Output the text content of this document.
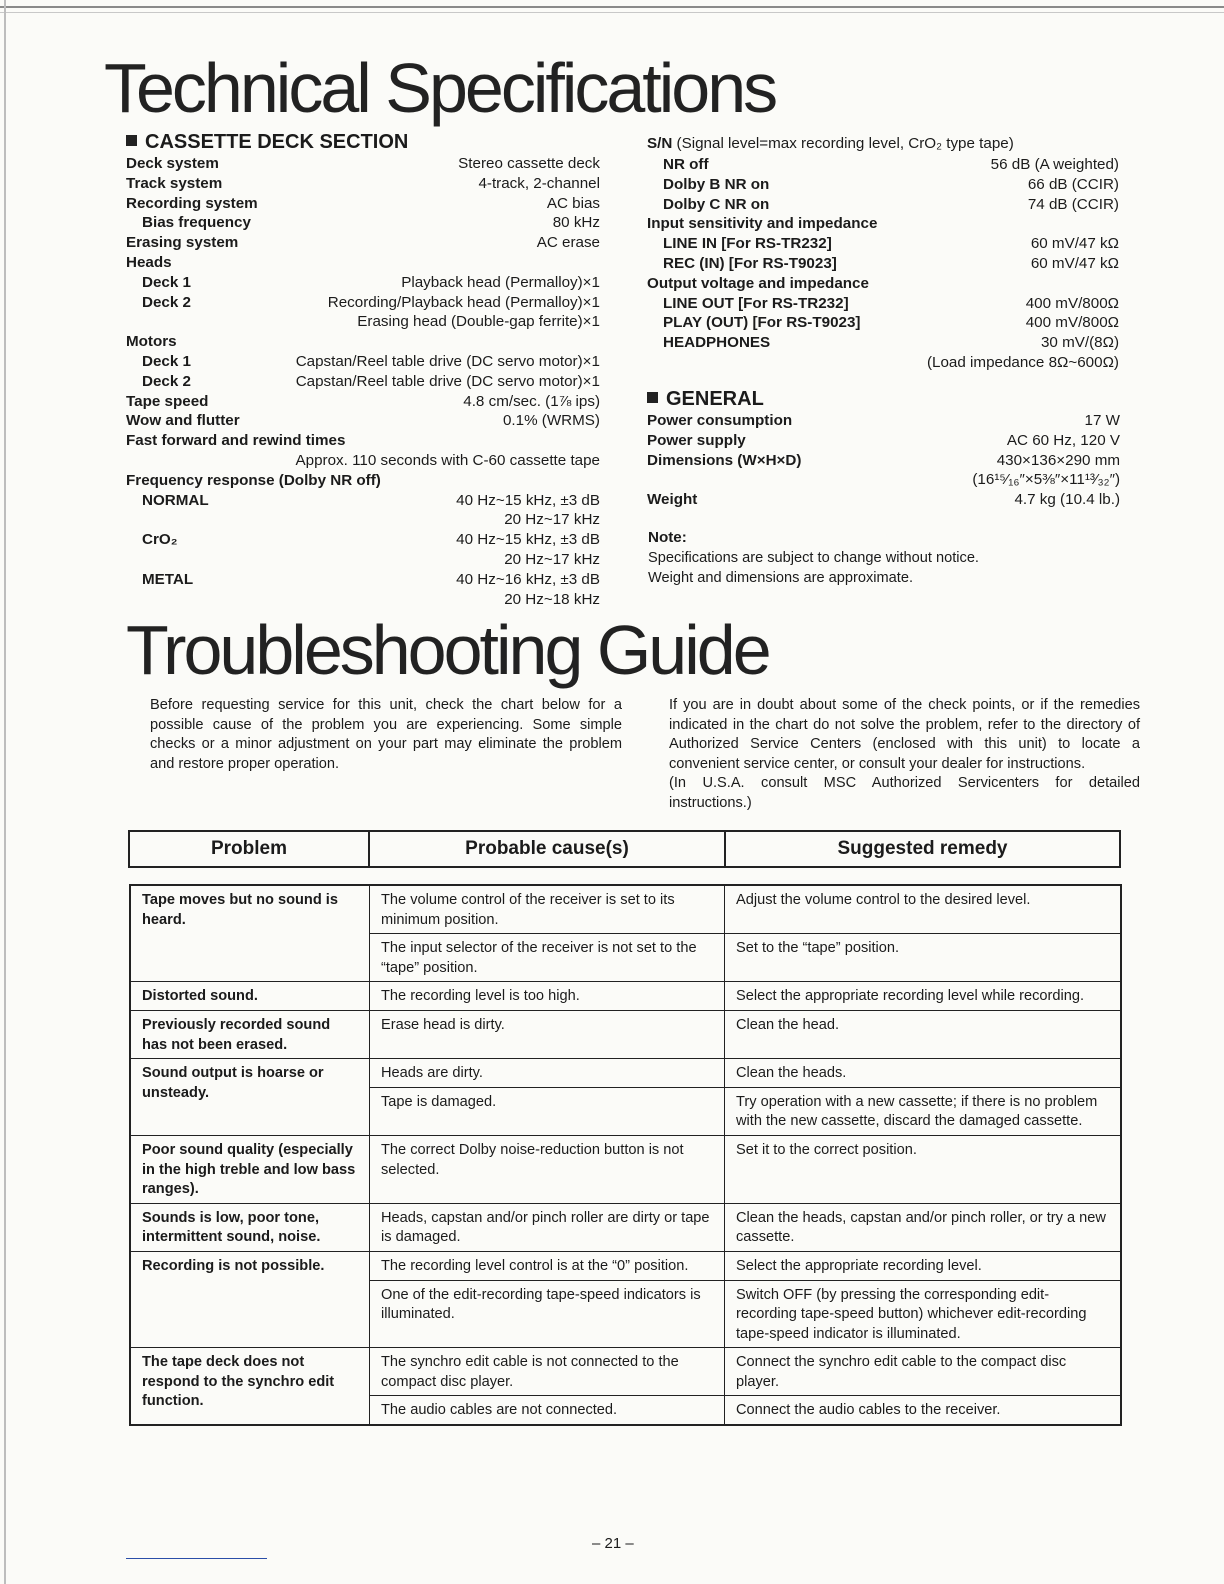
Technical Specifications
CASSETTE DECK SECTION
Deck system	Stereo cassette deck
Track system	4-track, 2-channel
Recording system	AC bias
Bias frequency	80 kHz
Erasing system	AC erase
Heads
Deck 1	Playback head (Permalloy)×1
Deck 2	Recording/Playback head (Permalloy)×1
Erasing head (Double-gap ferrite)×1
Motors
Deck 1	Capstan/Reel table drive (DC servo motor)×1
Deck 2	Capstan/Reel table drive (DC servo motor)×1
Tape speed	4.8 cm/sec. (1⅞ ips)
Wow and flutter	0.1% (WRMS)
Fast forward and rewind times
Approx. 110 seconds with C-60 cassette tape
Frequency response (Dolby NR off)
NORMAL	40 Hz~15 kHz, ±3 dB
20 Hz~17 kHz
CrO₂	40 Hz~15 kHz, ±3 dB
20 Hz~17 kHz
METAL	40 Hz~16 kHz, ±3 dB
20 Hz~18 kHz
S/N (Signal level=max recording level, CrO₂ type tape)
NR off	56 dB (A weighted)
Dolby B NR on	66 dB (CCIR)
Dolby C NR on	74 dB (CCIR)
Input sensitivity and impedance
LINE IN [For RS-TR232]	60 mV/47 kΩ
REC (IN) [For RS-T9023]	60 mV/47 kΩ
Output voltage and impedance
LINE OUT [For RS-TR232]	400 mV/800Ω
PLAY (OUT) [For RS-T9023]	400 mV/800Ω
HEADPHONES	30 mV/(8Ω)
(Load impedance 8Ω~600Ω)
GENERAL
Power consumption	17 W
Power supply	AC 60 Hz, 120 V
Dimensions (W×H×D)	430×136×290 mm
(16¹⁵⁄₁₆″×5⅜″×11¹³⁄₃₂″)
Weight	4.7 kg (10.4 lb.)
Note:
Specifications are subject to change without notice.
Weight and dimensions are approximate.
Troubleshooting Guide
Before requesting service for this unit, check the chart below for a possible cause of the problem you are experiencing. Some simple checks or a minor adjustment on your part may eliminate the problem and restore proper operation.
If you are in doubt about some of the check points, or if the remedies indicated in the chart do not solve the problem, refer to the directory of Authorized Service Centers (enclosed with this unit) to locate a convenient service center, or consult your dealer for instructions.
(In U.S.A. consult MSC Authorized Servicenters for detailed instructions.)
Problem	Probable cause(s)	Suggested remedy
Tape moves but no sound is heard.	The volume control of the receiver is set to its minimum position.	Adjust the volume control to the desired level.
	The input selector of the receiver is not set to the “tape” position.	Set to the “tape” position.
Distorted sound.	The recording level is too high.	Select the appropriate recording level while recording.
Previously recorded sound has not been erased.	Erase head is dirty.	Clean the head.
Sound output is hoarse or unsteady.	Heads are dirty.	Clean the heads.
	Tape is damaged.	Try operation with a new cassette; if there is no problem with the new cassette, discard the damaged cassette.
Poor sound quality (especially in the high treble and low bass ranges).	The correct Dolby noise-reduction button is not selected.	Set it to the correct position.
Sounds is low, poor tone, intermittent sound, noise.	Heads, capstan and/or pinch roller are dirty or tape is damaged.	Clean the heads, capstan and/or pinch roller, or try a new cassette.
Recording is not possible.	The recording level control is at the “0” position.	Select the appropriate recording level.
	One of the edit-recording tape-speed indicators is illuminated.	Switch OFF (by pressing the corresponding edit-recording tape-speed button) whichever edit-recording tape-speed indicator is illuminated.
The tape deck does not respond to the synchro edit function.	The synchro edit cable is not connected to the compact disc player.	Connect the synchro edit cable to the compact disc player.
	The audio cables are not connected.	Connect the audio cables to the receiver.
– 21 –
